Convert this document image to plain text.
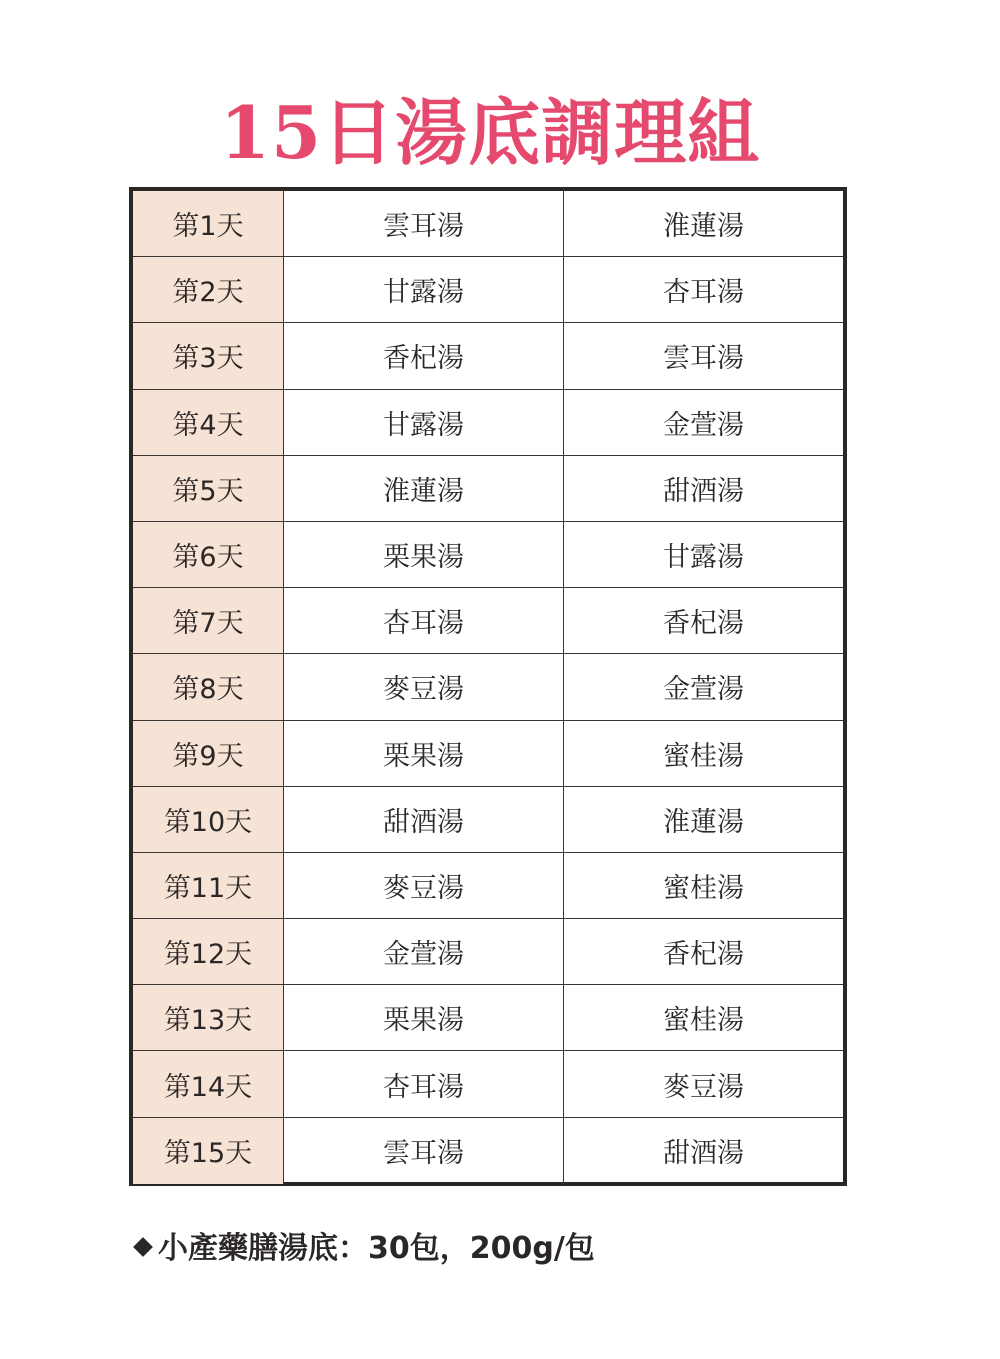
15日湯底調理組
第1天	雲耳湯	淮蓮湯
第2天	甘露湯	杏耳湯
第3天	香杞湯	雲耳湯
第4天	甘露湯	金萱湯
第5天	淮蓮湯	甜酒湯
第6天	栗果湯	甘露湯
第7天	杏耳湯	香杞湯
第8天	麥豆湯	金萱湯
第9天	栗果湯	蜜桂湯
第10天	甜酒湯	淮蓮湯
第11天	麥豆湯	蜜桂湯
第12天	金萱湯	香杞湯
第13天	栗果湯	蜜桂湯
第14天	杏耳湯	麥豆湯
第15天	雲耳湯	甜酒湯
小產藥膳湯底：30包，200g/包
